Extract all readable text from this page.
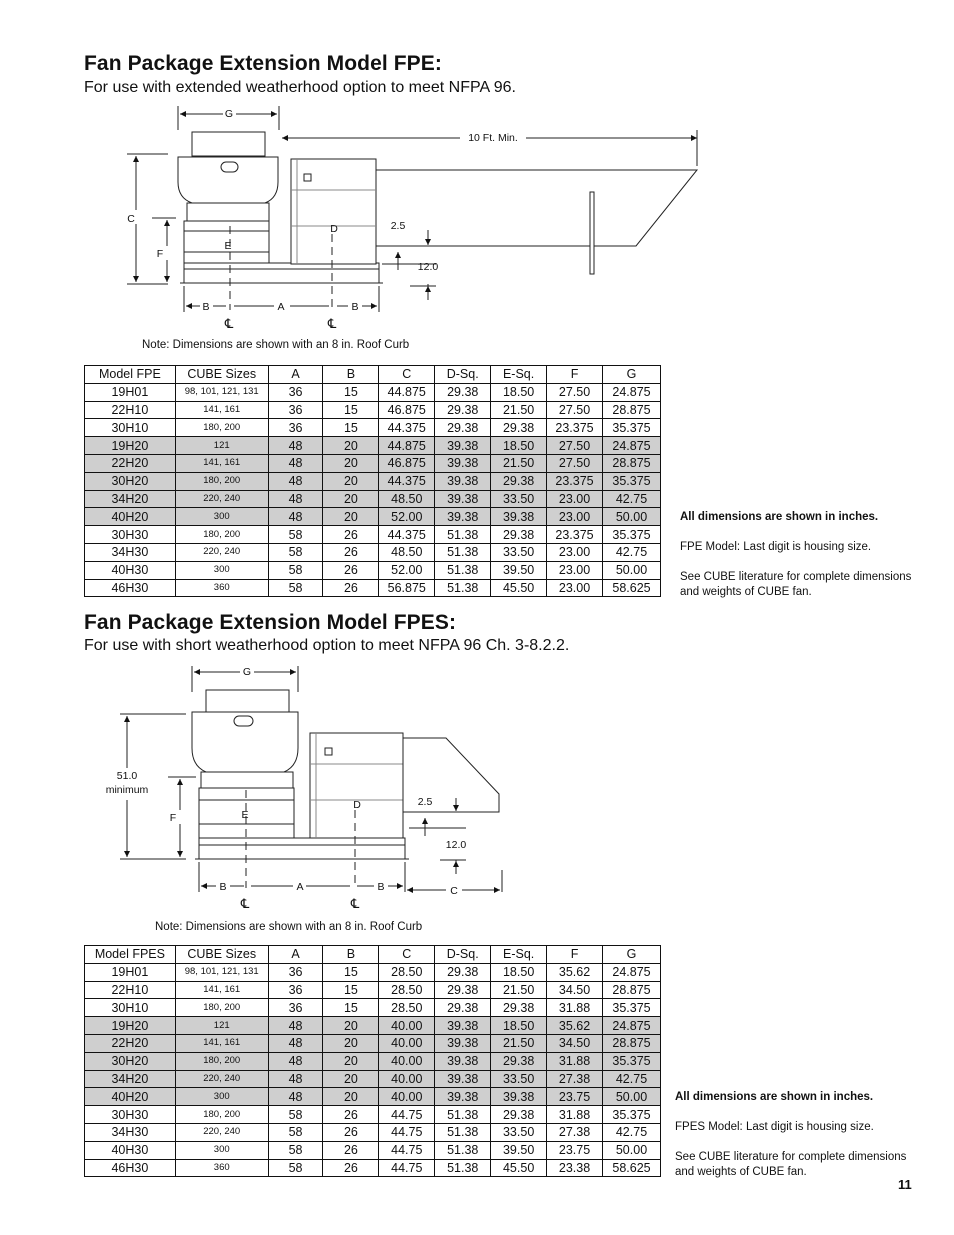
Fan Package Extension Model FPE:
For use with extended weatherhood option to meet NFPA 96.
G
10 Ft. Min.
C
F
E
D	2.5
12.0
B	A	B
℄	℄
Note: Dimensions are shown with an 8 in. Roof Curb
Model FPE	CUBE Sizes	A	B	C	D-Sq.	E-Sq.	F	G
19H01	98, 101, 121, 131	36	15	44.875	29.38	18.50	27.50	24.875
22H10	141, 161	36	15	46.875	29.38	21.50	27.50	28.875
30H10	180, 200	36	15	44.375	29.38	29.38	23.375	35.375
19H20	121	48	20	44.875	39.38	18.50	27.50	24.875
22H20	141, 161	48	20	46.875	39.38	21.50	27.50	28.875
30H20	180, 200	48	20	44.375	39.38	29.38	23.375	35.375
34H20	220, 240	48	20	48.50	39.38	33.50	23.00	42.75
40H20	300	48	20	52.00	39.38	39.38	23.00	50.00
30H30	180, 200	58	26	44.375	51.38	29.38	23.375	35.375
34H30	220, 240	58	26	48.50	51.38	33.50	23.00	42.75
40H30	300	58	26	52.00	51.38	39.50	23.00	50.00
46H30	360	58	26	56.875	51.38	45.50	23.00	58.625
All dimensions are shown in inches.
FPE Model: Last digit is housing size.
See CUBE literature for complete dimensions and weights of CUBE fan.
Fan Package Extension Model FPES:
For use with short weatherhood option to meet NFPA 96 Ch. 3-8.2.2.
G
51.0
minimum
F	E
D	2.5
12.0
B	A	B	C
℄	℄
Note: Dimensions are shown with an 8 in. Roof Curb
Model FPES	CUBE Sizes	A	B	C	D-Sq.	E-Sq.	F	G
19H01	98, 101, 121, 131	36	15	28.50	29.38	18.50	35.62	24.875
22H10	141, 161	36	15	28.50	29.38	21.50	34.50	28.875
30H10	180, 200	36	15	28.50	29.38	29.38	31.88	35.375
19H20	121	48	20	40.00	39.38	18.50	35.62	24.875
22H20	141, 161	48	20	40.00	39.38	21.50	34.50	28.875
30H20	180, 200	48	20	40.00	39.38	29.38	31.88	35.375
34H20	220, 240	48	20	40.00	39.38	33.50	27.38	42.75
40H20	300	48	20	40.00	39.38	39.38	23.75	50.00
30H30	180, 200	58	26	44.75	51.38	29.38	31.88	35.375
34H30	220, 240	58	26	44.75	51.38	33.50	27.38	42.75
40H30	300	58	26	44.75	51.38	39.50	23.75	50.00
46H30	360	58	26	44.75	51.38	45.50	23.38	58.625
All dimensions are shown in inches.
FPES Model: Last digit is housing size.
See CUBE literature for complete dimensions and weights of CUBE fan.
11
